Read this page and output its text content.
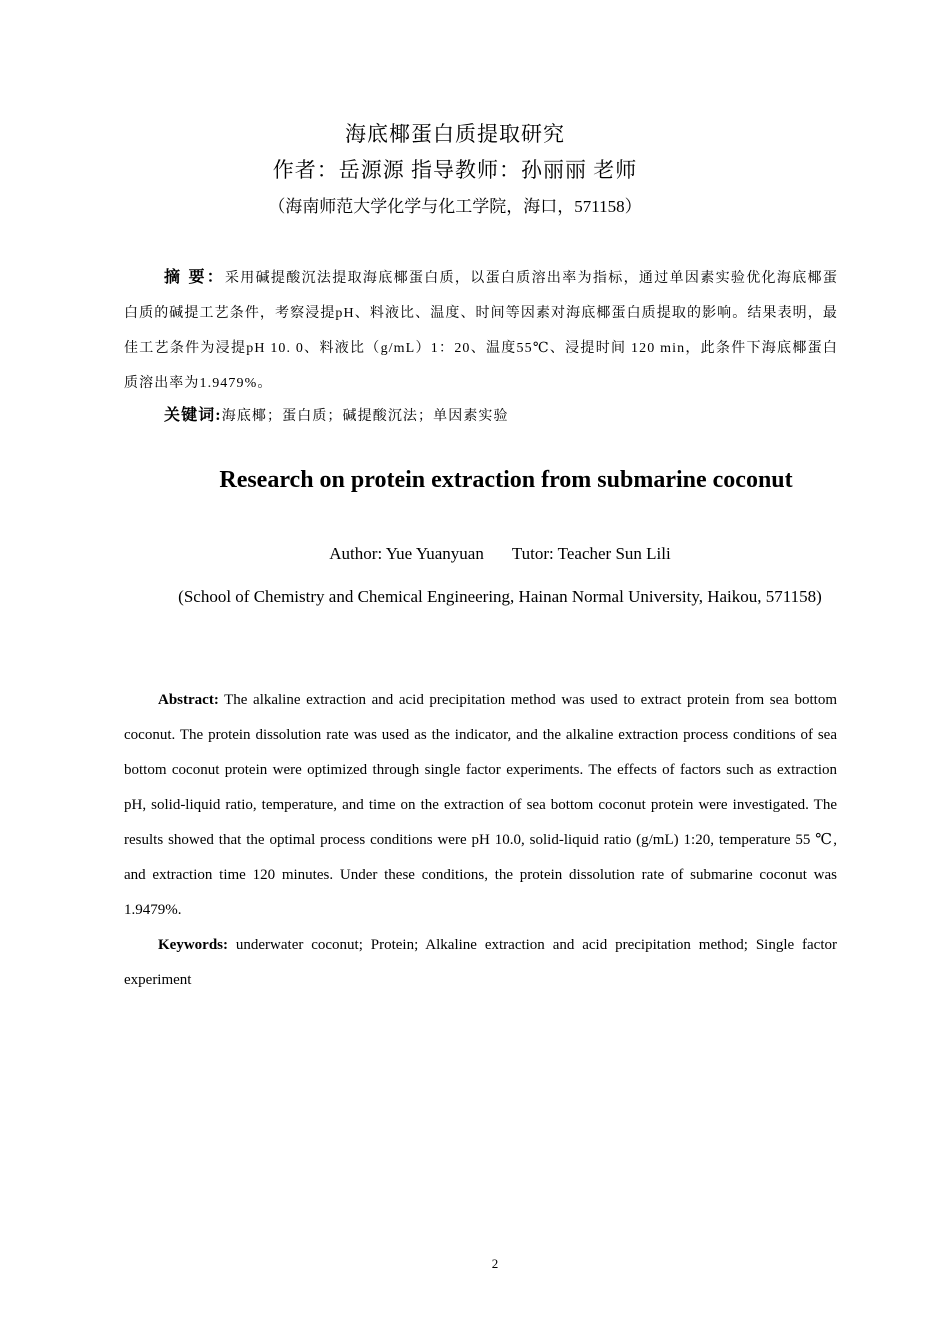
海底椰蛋白质提取研究
作者：岳源源 指导教师：孙丽丽 老师
（海南师范大学化学与化工学院，海口，571158）
摘 要：采用碱提酸沉法提取海底椰蛋白质，以蛋白质溶出率为指标，通过单因素实验优化海底椰蛋白质的碱提工艺条件，考察浸提pH、料液比、温度、时间等因素对海底椰蛋白质提取的影响。结果表明，最佳工艺条件为浸提pH 10. 0、料液比（g/mL）1：20、温度55℃、浸提时间 120 min，此条件下海底椰蛋白质溶出率为1.9479%。
关键词:海底椰；蛋白质；碱提酸沉法；单因素实验
Research on protein extraction from submarine coconut
Author: Yue Yuanyuan Tutor: Teacher Sun Lili
(School of Chemistry and Chemical Engineering, Hainan Normal University, Haikou, 571158)
Abstract: The alkaline extraction and acid precipitation method was used to extract protein from sea bottom coconut. The protein dissolution rate was used as the indicator, and the alkaline extraction process conditions of sea bottom coconut protein were optimized through single factor experiments. The effects of factors such as extraction pH, solid-liquid ratio, temperature, and time on the extraction of sea bottom coconut protein were investigated. The results showed that the optimal process conditions were pH 10.0, solid-liquid ratio (g/mL) 1:20, temperature 55 ℃, and extraction time 120 minutes. Under these conditions, the protein dissolution rate of submarine coconut was 1.9479%.
Keywords: underwater coconut; Protein; Alkaline extraction and acid precipitation method; Single factor experiment
2
